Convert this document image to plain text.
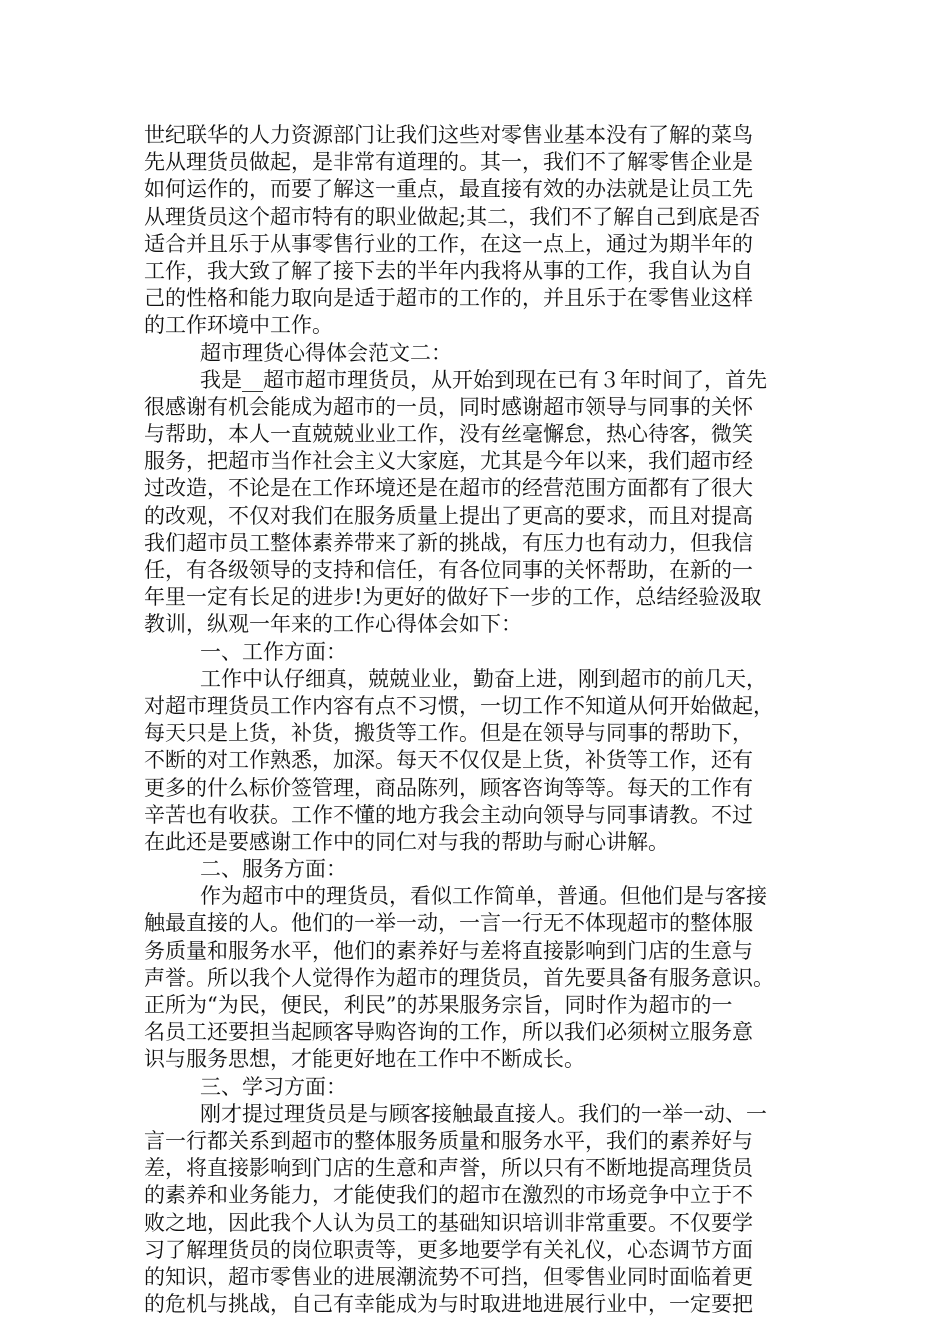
世纪联华的人力资源部门让我们这些对零售业基本没有了解的菜鸟
先从理货员做起，是非常有道理的。其一，我们不了解零售企业是
如何运作的，而要了解这一重点，最直接有效的办法就是让员工先
从理货员这个超市特有的职业做起;其二，我们不了解自己到底是否
适合并且乐于从事零售行业的工作，在这一点上，通过为期半年的
工作，我大致了解了接下去的半年内我将从事的工作，我自认为自
己的性格和能力取向是适于超市的工作的，并且乐于在零售业这样
的工作环境中工作。
超市理货心得体会范文二：
我是__超市超市理货员，从开始到现在已有３年时间了，首先
很感谢有机会能成为超市的一员，同时感谢超市领导与同事的关怀
与帮助，本人一直兢兢业业工作，没有丝毫懈怠，热心待客，微笑
服务，把超市当作社会主义大家庭，尤其是今年以来，我们超市经
过改造，不论是在工作环境还是在超市的经营范围方面都有了很大
的改观，不仅对我们在服务质量上提出了更高的要求，而且对提高
我们超市员工整体素养带来了新的挑战，有压力也有动力，但我信
任，有各级领导的支持和信任，有各位同事的关怀帮助，在新的一
年里一定有长足的进步!为更好的做好下一步的工作，总结经验汲取
教训，纵观一年来的工作心得体会如下：
一、工作方面：
工作中认仔细真，兢兢业业，勤奋上进，刚到超市的前几天，
对超市理货员工作内容有点不习惯，一切工作不知道从何开始做起，
每天只是上货，补货，搬货等工作。但是在领导与同事的帮助下，
不断的对工作熟悉，加深。每天不仅仅是上货，补货等工作，还有
更多的什么标价签管理，商品陈列，顾客咨询等等。每天的工作有
辛苦也有收获。工作不懂的地方我会主动向领导与同事请教。不过
在此还是要感谢工作中的同仁对与我的帮助与耐心讲解。
二、服务方面：
作为超市中的理货员，看似工作简单，普通。但他们是与客接
触最直接的人。他们的一举一动，一言一行无不体现超市的整体服
务质量和服务水平，他们的素养好与差将直接影响到门店的生意与
声誉。所以我个人觉得作为超市的理货员，首先要具备有服务意识。
正所为“为民，便民，利民”的苏果服务宗旨，同时作为超市的一
名员工还要担当起顾客导购咨询的工作，所以我们必须树立服务意
识与服务思想，才能更好地在工作中不断成长。
三、学习方面：
刚才提过理货员是与顾客接触最直接人。我们的一举一动、一
言一行都关系到超市的整体服务质量和服务水平，我们的素养好与
差，将直接影响到门店的生意和声誉，所以只有不断地提高理货员
的素养和业务能力，才能使我们的超市在激烈的市场竞争中立于不
败之地，因此我个人认为员工的基础知识培训非常重要。不仅要学
习了解理货员的岗位职责等，更多地要学有关礼仪，心态调节方面
的知识，超市零售业的进展潮流势不可挡，但零售业同时面临着更
的危机与挑战，自己有幸能成为与时取进地进展行业中，一定要把
